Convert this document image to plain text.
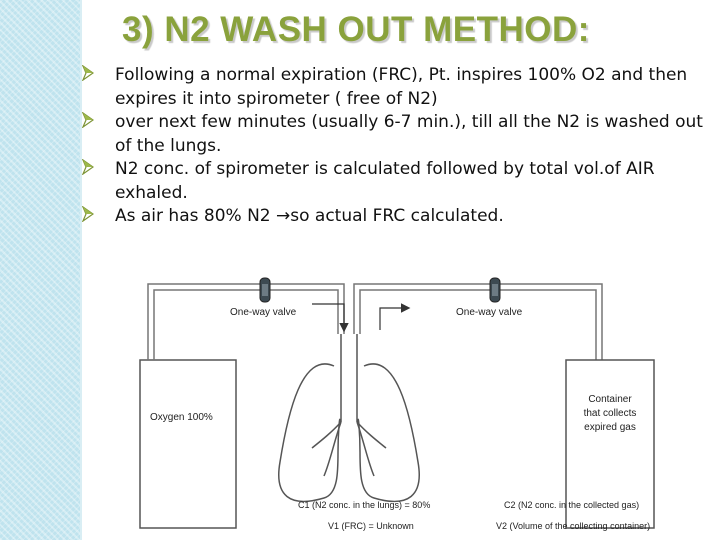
3) N2 WASH OUT METHOD:
Following a normal expiration (FRC), Pt. inspires 100% O2 and then expires it into spirometer ( free of N2)
over next few minutes (usually 6-7 min.), till all the N2 is washed out of the lungs.
N2 conc. of spirometer is calculated followed by total vol.of AIR exhaled.
As air has 80% N2 →so actual FRC calculated.
Oxygen 100%
One-way valve	One-way valve
Container
that collects
expired gas
C1 (N2 conc. in the lungs) = 80%
V1 (FRC) = Unknown
C2 (N2 conc. in the collected gas)
V2 (Volume of the collecting container)
